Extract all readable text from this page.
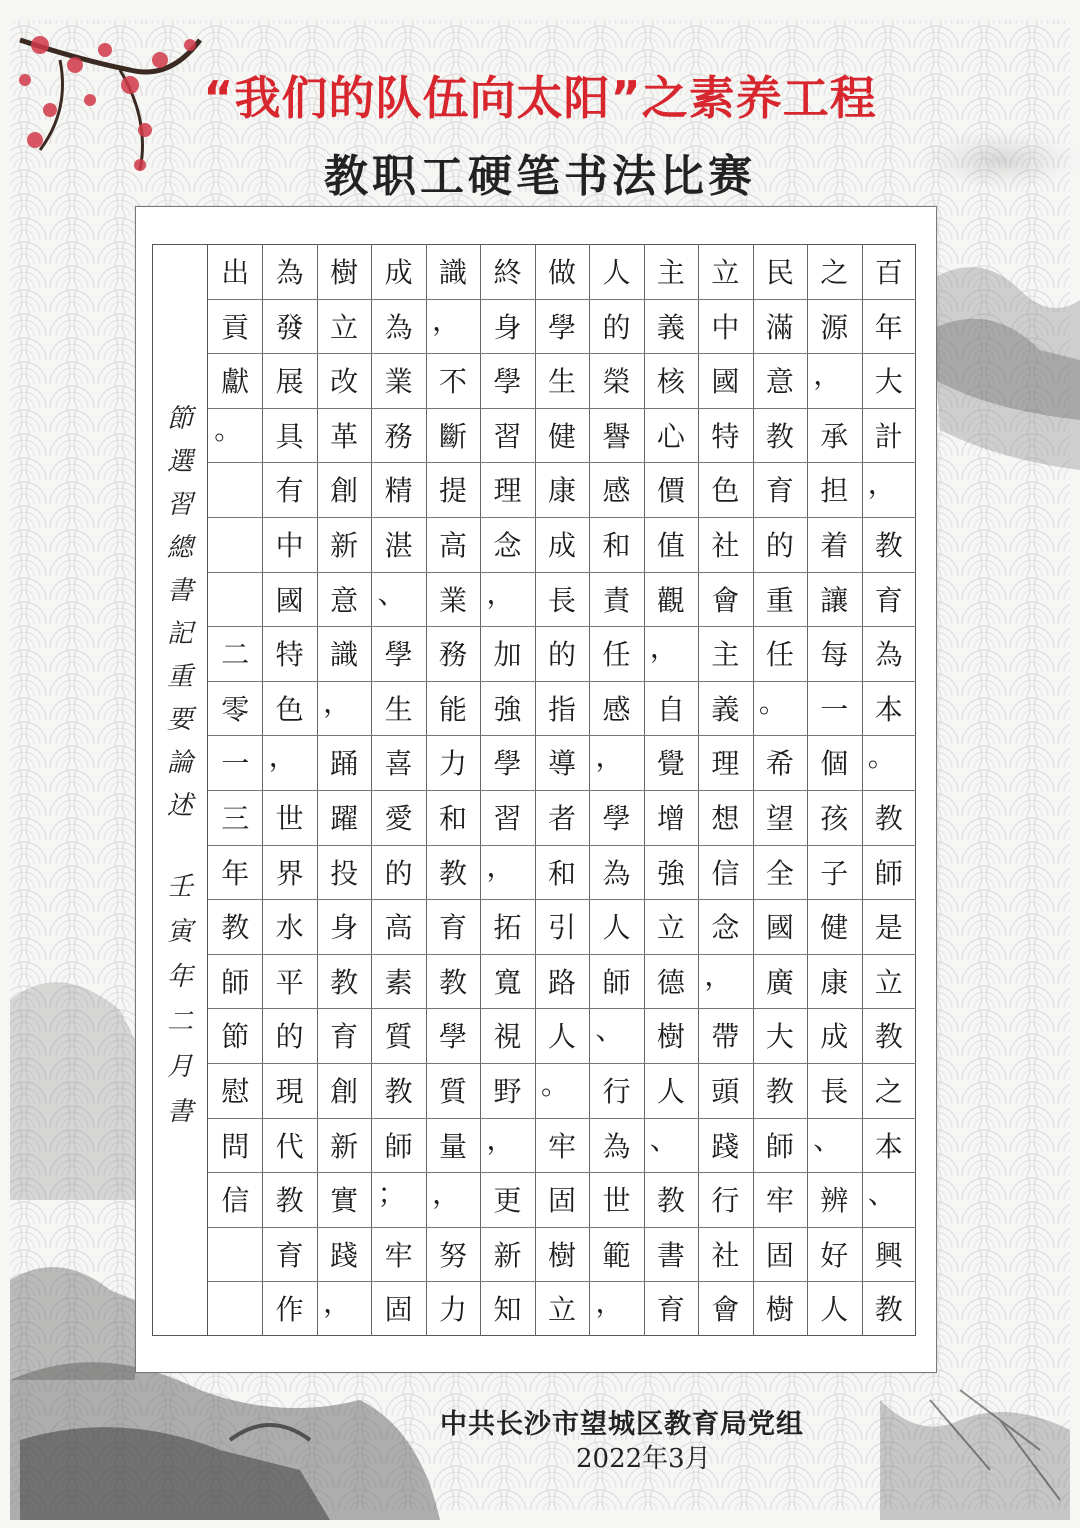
“我们的队伍向太阳”之素养工程
教职工硬笔书法比赛
百
年
大
計
，
教
育
為
本
。
教
師
是
立
教
之
本
、
興
教
之
源
，
承
担
着
讓
每
一
個
孩
子
健
康
成
長
、
辨
好
人
民
滿
意
教
育
的
重
任
。
希
望
全
國
廣
大
教
師
牢
固
樹
立
中
國
特
色
社
會
主
義
理
想
信
念
，
帶
頭
踐
行
社
會
主
義
核
心
價
值
觀
，
自
覺
增
強
立
德
樹
人
、
教
書
育
人
的
榮
譽
感
和
責
任
感
，
學
為
人
師
、
行
為
世
範
，
做
學
生
健
康
成
長
的
指
導
者
和
引
路
人
。
牢
固
樹
立
終
身
學
習
理
念
，
加
強
學
習
，
拓
寬
視
野
，
更
新
知
識
，
不
斷
提
高
業
務
能
力
和
教
育
教
學
質
量
，
努
力
成
為
業
務
精
湛
、
學
生
喜
愛
的
高
素
質
教
師
；
牢
固
樹
立
改
革
創
新
意
識
，
踊
躍
投
身
教
育
創
新
實
踐
，
為
發
展
具
有
中
國
特
色
，
世
界
水
平
的
現
代
教
育
作
出
貢
獻
。
二
零
一
三
年
教
師
節
慰
問
信
節
選
習
總
書
記
重
要
論
述
壬
寅
年
二
月
書
中共长沙市望城区教育局党组
2022年3月
